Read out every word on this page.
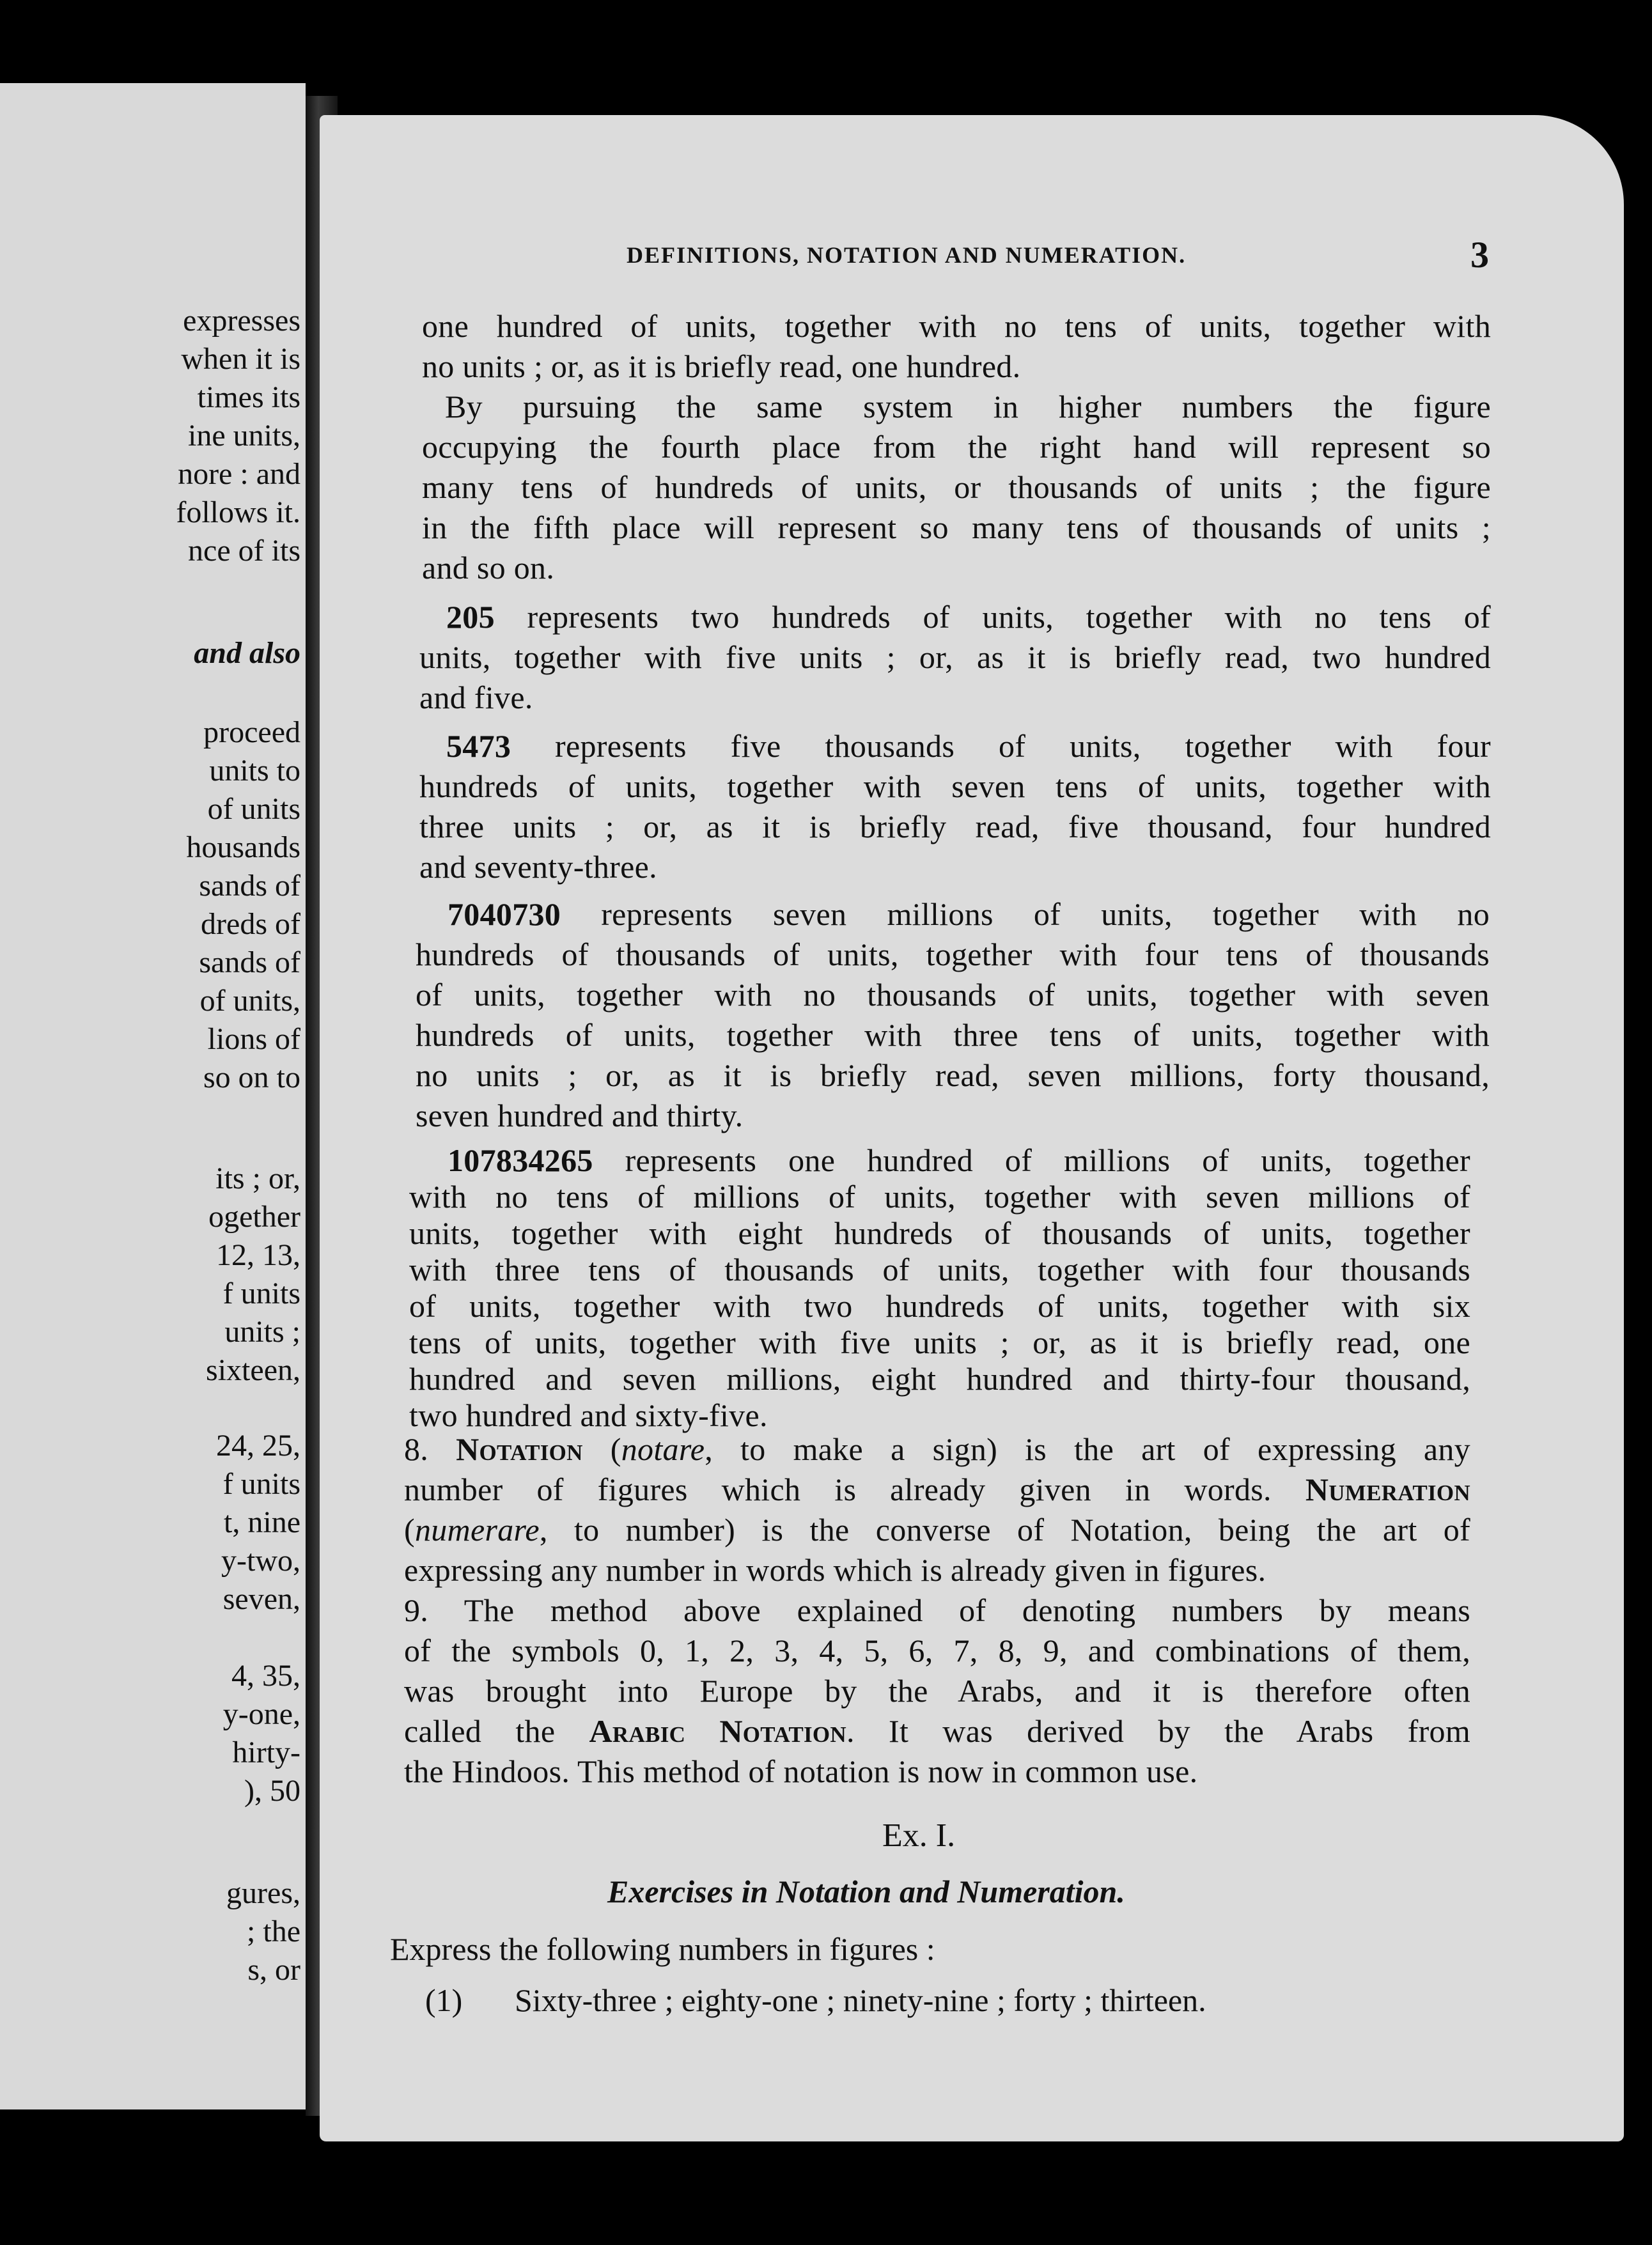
expresses
when it is
times its
ine units,
nore : and
follows it.
nce of its
and also
proceed
units to
of units
housands
sands of
dreds of
sands of
of units,
lions of
so on to
its ; or,
ogether
12, 13,
f units
units ;
sixteen,
24, 25,
f units
t, nine
y-two,
seven,
4, 35,
y-one,
hirty-
), 50
gures,
; the
s, or
DEFINITIONS, NOTATION AND NUMERATION.	3
one hundred of units, together with no tens of units, together with
no units ; or, as it is briefly read, one hundred.
By pursuing the same system in higher numbers the figure
occupying the fourth place from the right hand will represent so
many tens of hundreds of units, or thousands of units ; the figure
in the fifth place will represent so many tens of thousands of units ;
and so on.
205 represents two hundreds of units, together with no tens of
units, together with five units ; or, as it is briefly read, two hundred
and five.
5473 represents five thousands of units, together with four
hundreds of units, together with seven tens of units, together with
three units ; or, as it is briefly read, five thousand, four hundred
and seventy-three.
7040730 represents seven millions of units, together with no
hundreds of thousands of units, together with four tens of thousands
of units, together with no thousands of units, together with seven
hundreds of units, together with three tens of units, together with
no units ; or, as it is briefly read, seven millions, forty thousand,
seven hundred and thirty.
107834265 represents one hundred of millions of units, together
with no tens of millions of units, together with seven millions of
units, together with eight hundreds of thousands of units, together
with three tens of thousands of units, together with four thousands
of units, together with two hundreds of units, together with six
tens of units, together with five units ; or, as it is briefly read, one
hundred and seven millions, eight hundred and thirty-four thousand,
two hundred and sixty-five.
8. Notation (notare, to make a sign) is the art of expressing any
number of figures which is already given in words. Numeration
(numerare, to number) is the converse of Notation, being the art of
expressing any number in words which is already given in figures.
9. The method above explained of denoting numbers by means
of the symbols 0, 1, 2, 3, 4, 5, 6, 7, 8, 9, and combinations of them,
was brought into Europe by the Arabs, and it is therefore often
called the Arabic Notation. It was derived by the Arabs from
the Hindoos. This method of notation is now in common use.
Ex. I.
Exercises in Notation and Numeration.
Express the following numbers in figures :
(1) Sixty-three ; eighty-one ; ninety-nine ; forty ; thirteen.
